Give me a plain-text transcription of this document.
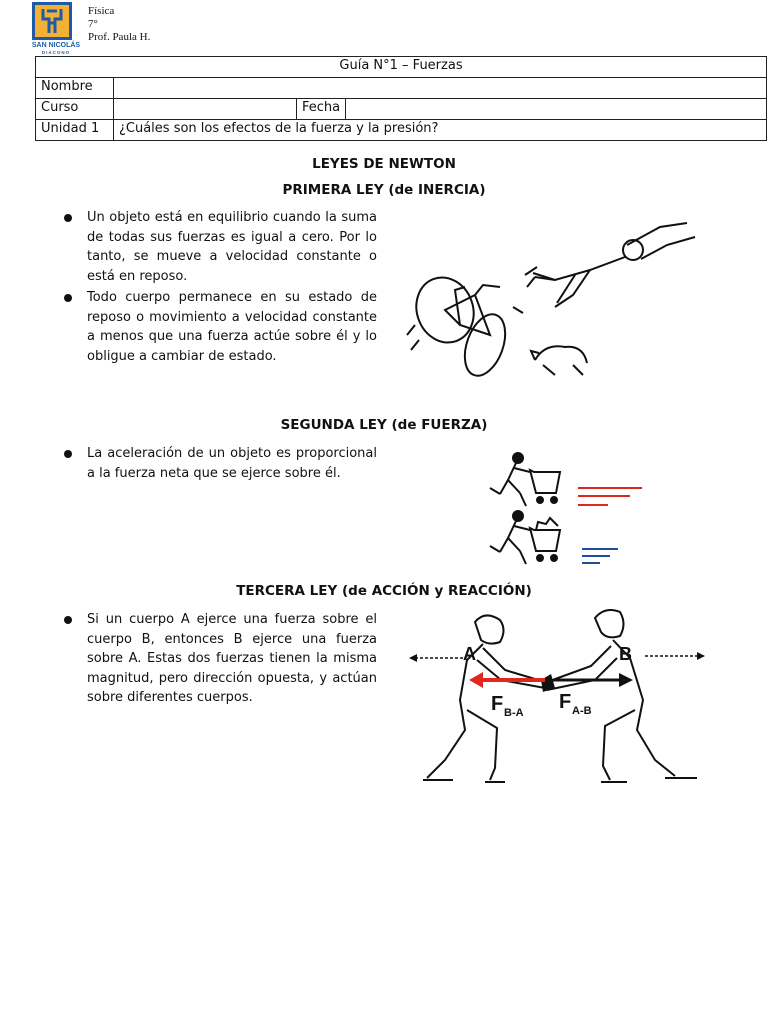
SAN NICOLÁS
DIACONO
Física
7°
Prof. Paula H.
Guía N°1 – Fuerzas			
Nombre			
Curso		Fecha	
Unidad 1	¿Cuáles son los efectos de la fuerza y la presión?		
LEYES DE NEWTON
PRIMERA LEY (de INERCIA)
Un objeto está en equilibrio cuando la suma de todas sus fuerzas es igual a cero. Por lo tanto, se mueve a velocidad constante o está en reposo.
Todo cuerpo permanece en su estado de reposo o movimiento a velocidad constante a menos que una fuerza actúe sobre él y lo obligue a cambiar de estado.
SEGUNDA LEY (de FUERZA)
La aceleración de un objeto es proporcional a la fuerza neta que se ejerce sobre él.
TERCERA LEY (de ACCIÓN y REACCIÓN)
Si un cuerpo A ejerce una fuerza sobre el cuerpo B, entonces B ejerce una fuerza sobre A. Estas dos fuerzas tienen la misma magnitud, pero dirección opuesta, y actúan sobre diferentes cuerpos.
A	B
F B-A F A-B
